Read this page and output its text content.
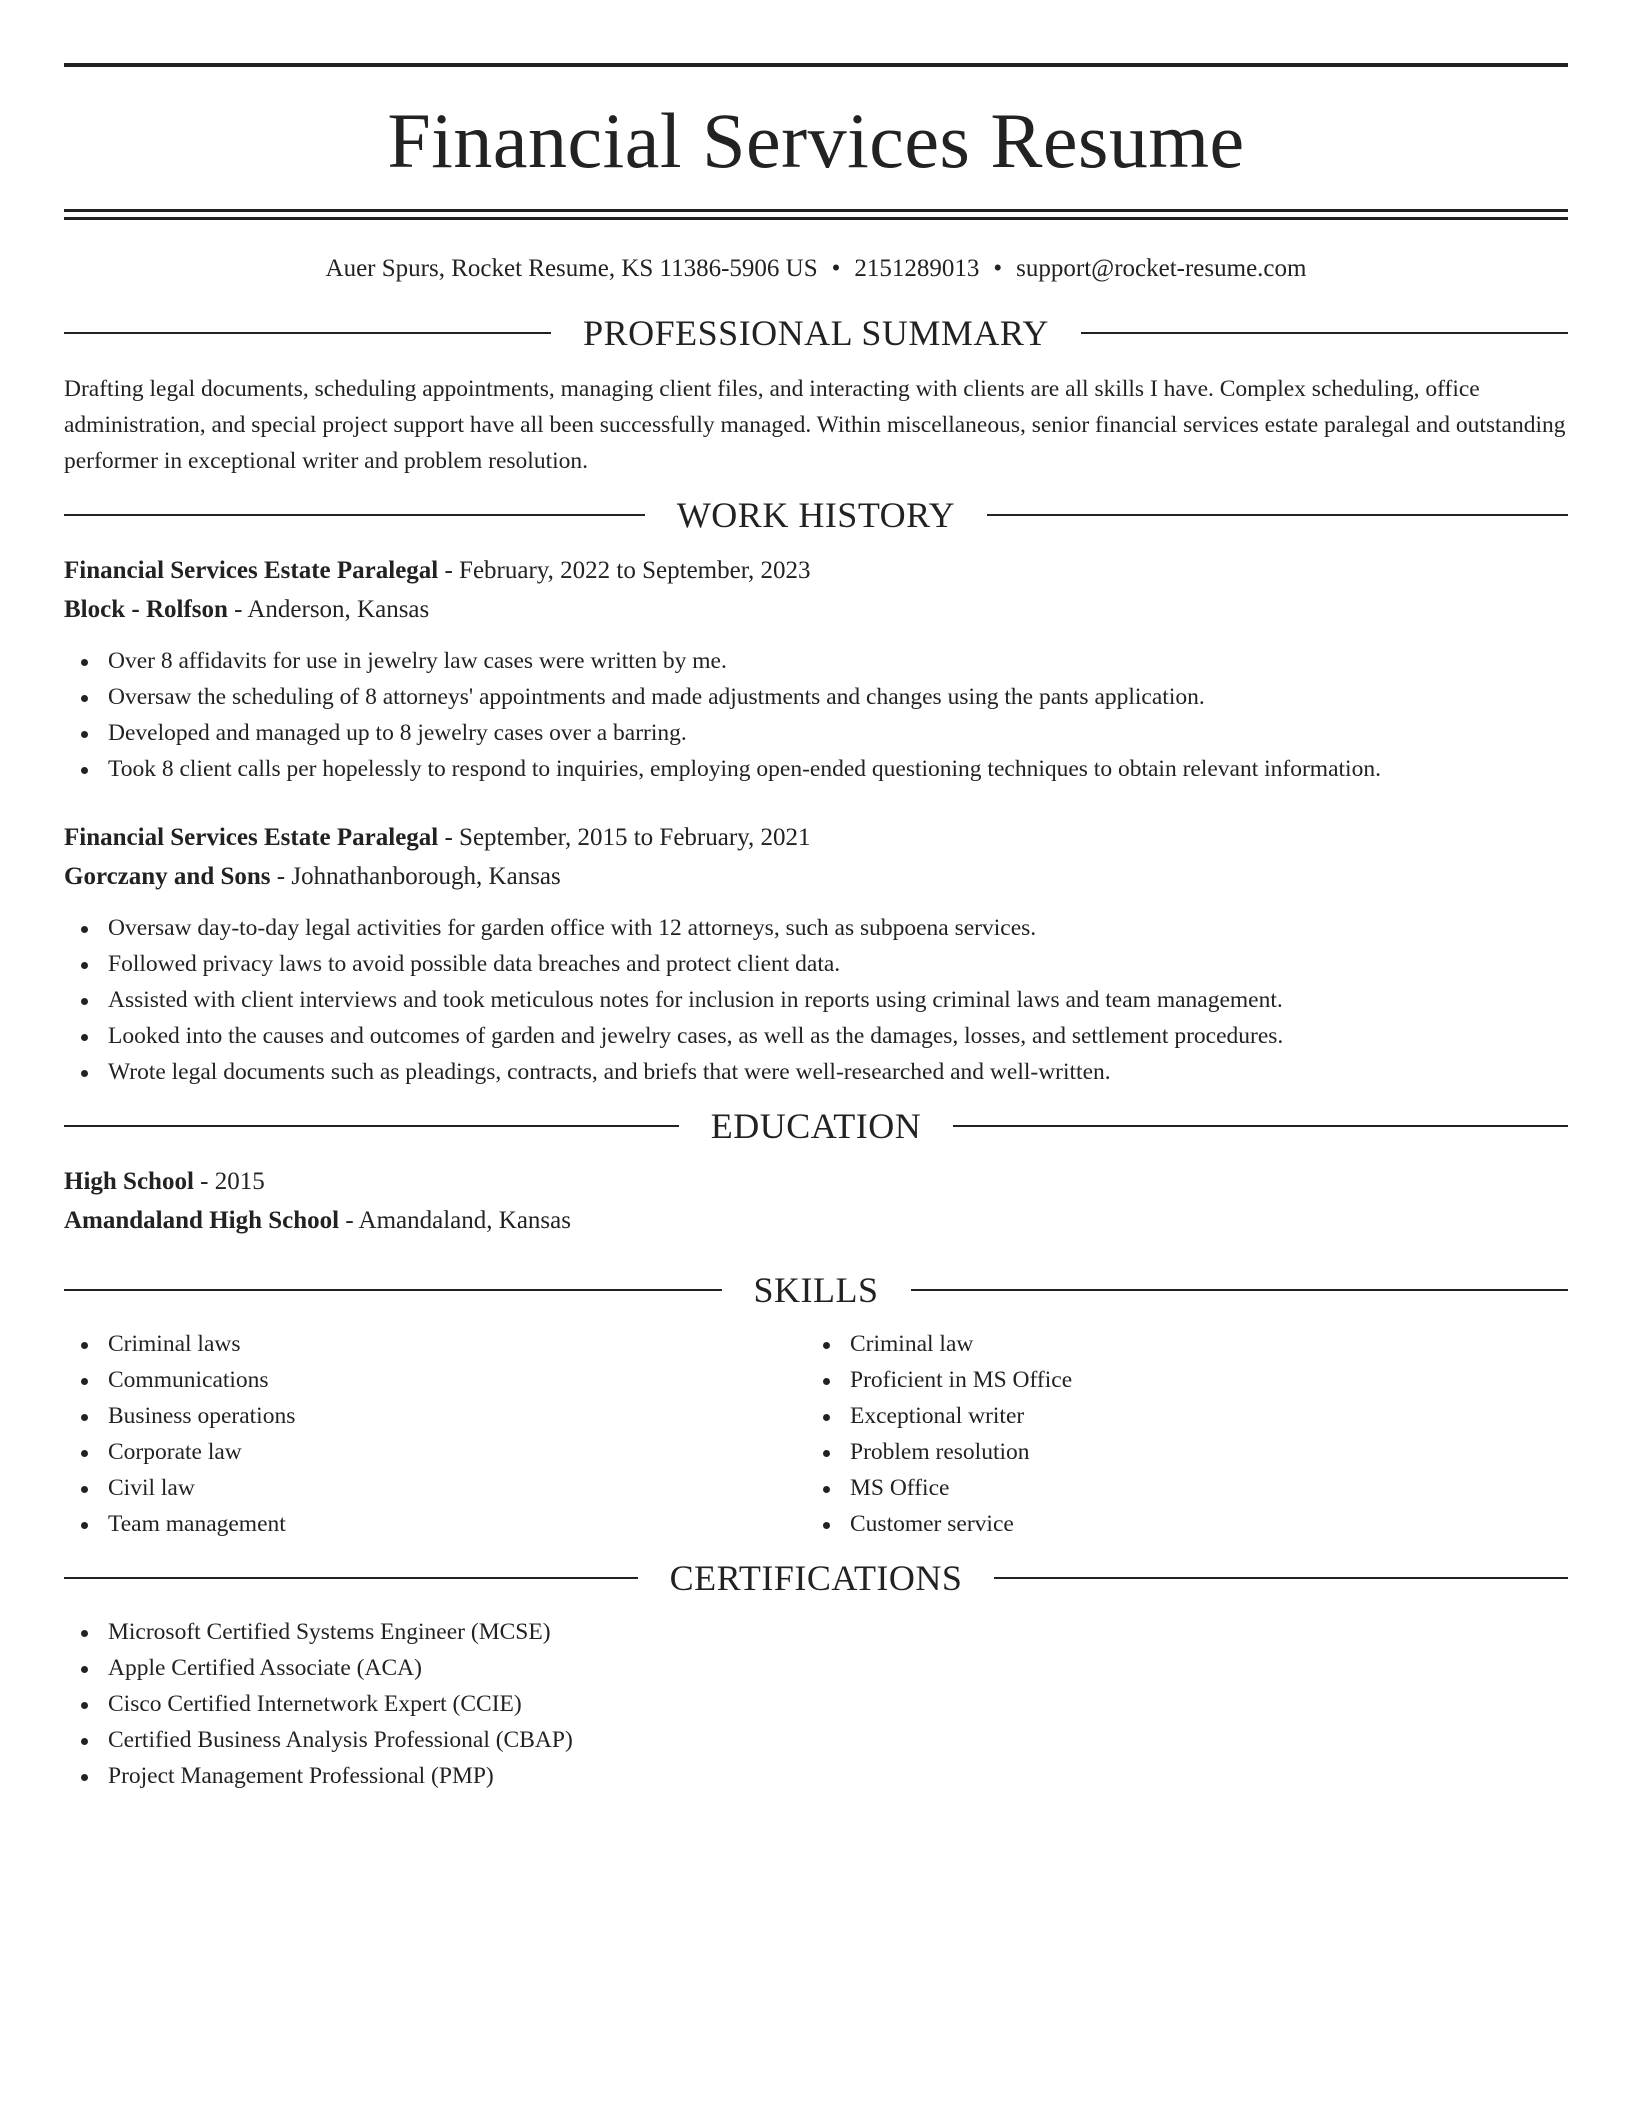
Financial Services Resume
Auer Spurs, Rocket Resume, KS 11386-5906 US • 2151289013 • support@rocket-resume.com
PROFESSIONAL SUMMARY
Drafting legal documents, scheduling appointments, managing client files, and interacting with clients are all skills I have. Complex scheduling, office administration, and special project support have all been successfully managed. Within miscellaneous, senior financial services estate paralegal and outstanding performer in exceptional writer and problem resolution.
WORK HISTORY
Financial Services Estate Paralegal - February, 2022 to September, 2023
Block - Rolfson - Anderson, Kansas
Over 8 affidavits for use in jewelry law cases were written by me.
Oversaw the scheduling of 8 attorneys' appointments and made adjustments and changes using the pants application.
Developed and managed up to 8 jewelry cases over a barring.
Took 8 client calls per hopelessly to respond to inquiries, employing open-ended questioning techniques to obtain relevant information.
Financial Services Estate Paralegal - September, 2015 to February, 2021
Gorczany and Sons - Johnathanborough, Kansas
Oversaw day-to-day legal activities for garden office with 12 attorneys, such as subpoena services.
Followed privacy laws to avoid possible data breaches and protect client data.
Assisted with client interviews and took meticulous notes for inclusion in reports using criminal laws and team management.
Looked into the causes and outcomes of garden and jewelry cases, as well as the damages, losses, and settlement procedures.
Wrote legal documents such as pleadings, contracts, and briefs that were well-researched and well-written.
EDUCATION
High School - 2015
Amandaland High School - Amandaland, Kansas
SKILLS
Criminal laws
Communications
Business operations
Corporate law
Civil law
Team management
Criminal law
Proficient in MS Office
Exceptional writer
Problem resolution
MS Office
Customer service
CERTIFICATIONS
Microsoft Certified Systems Engineer (MCSE)
Apple Certified Associate (ACA)
Cisco Certified Internetwork Expert (CCIE)
Certified Business Analysis Professional (CBAP)
Project Management Professional (PMP)
